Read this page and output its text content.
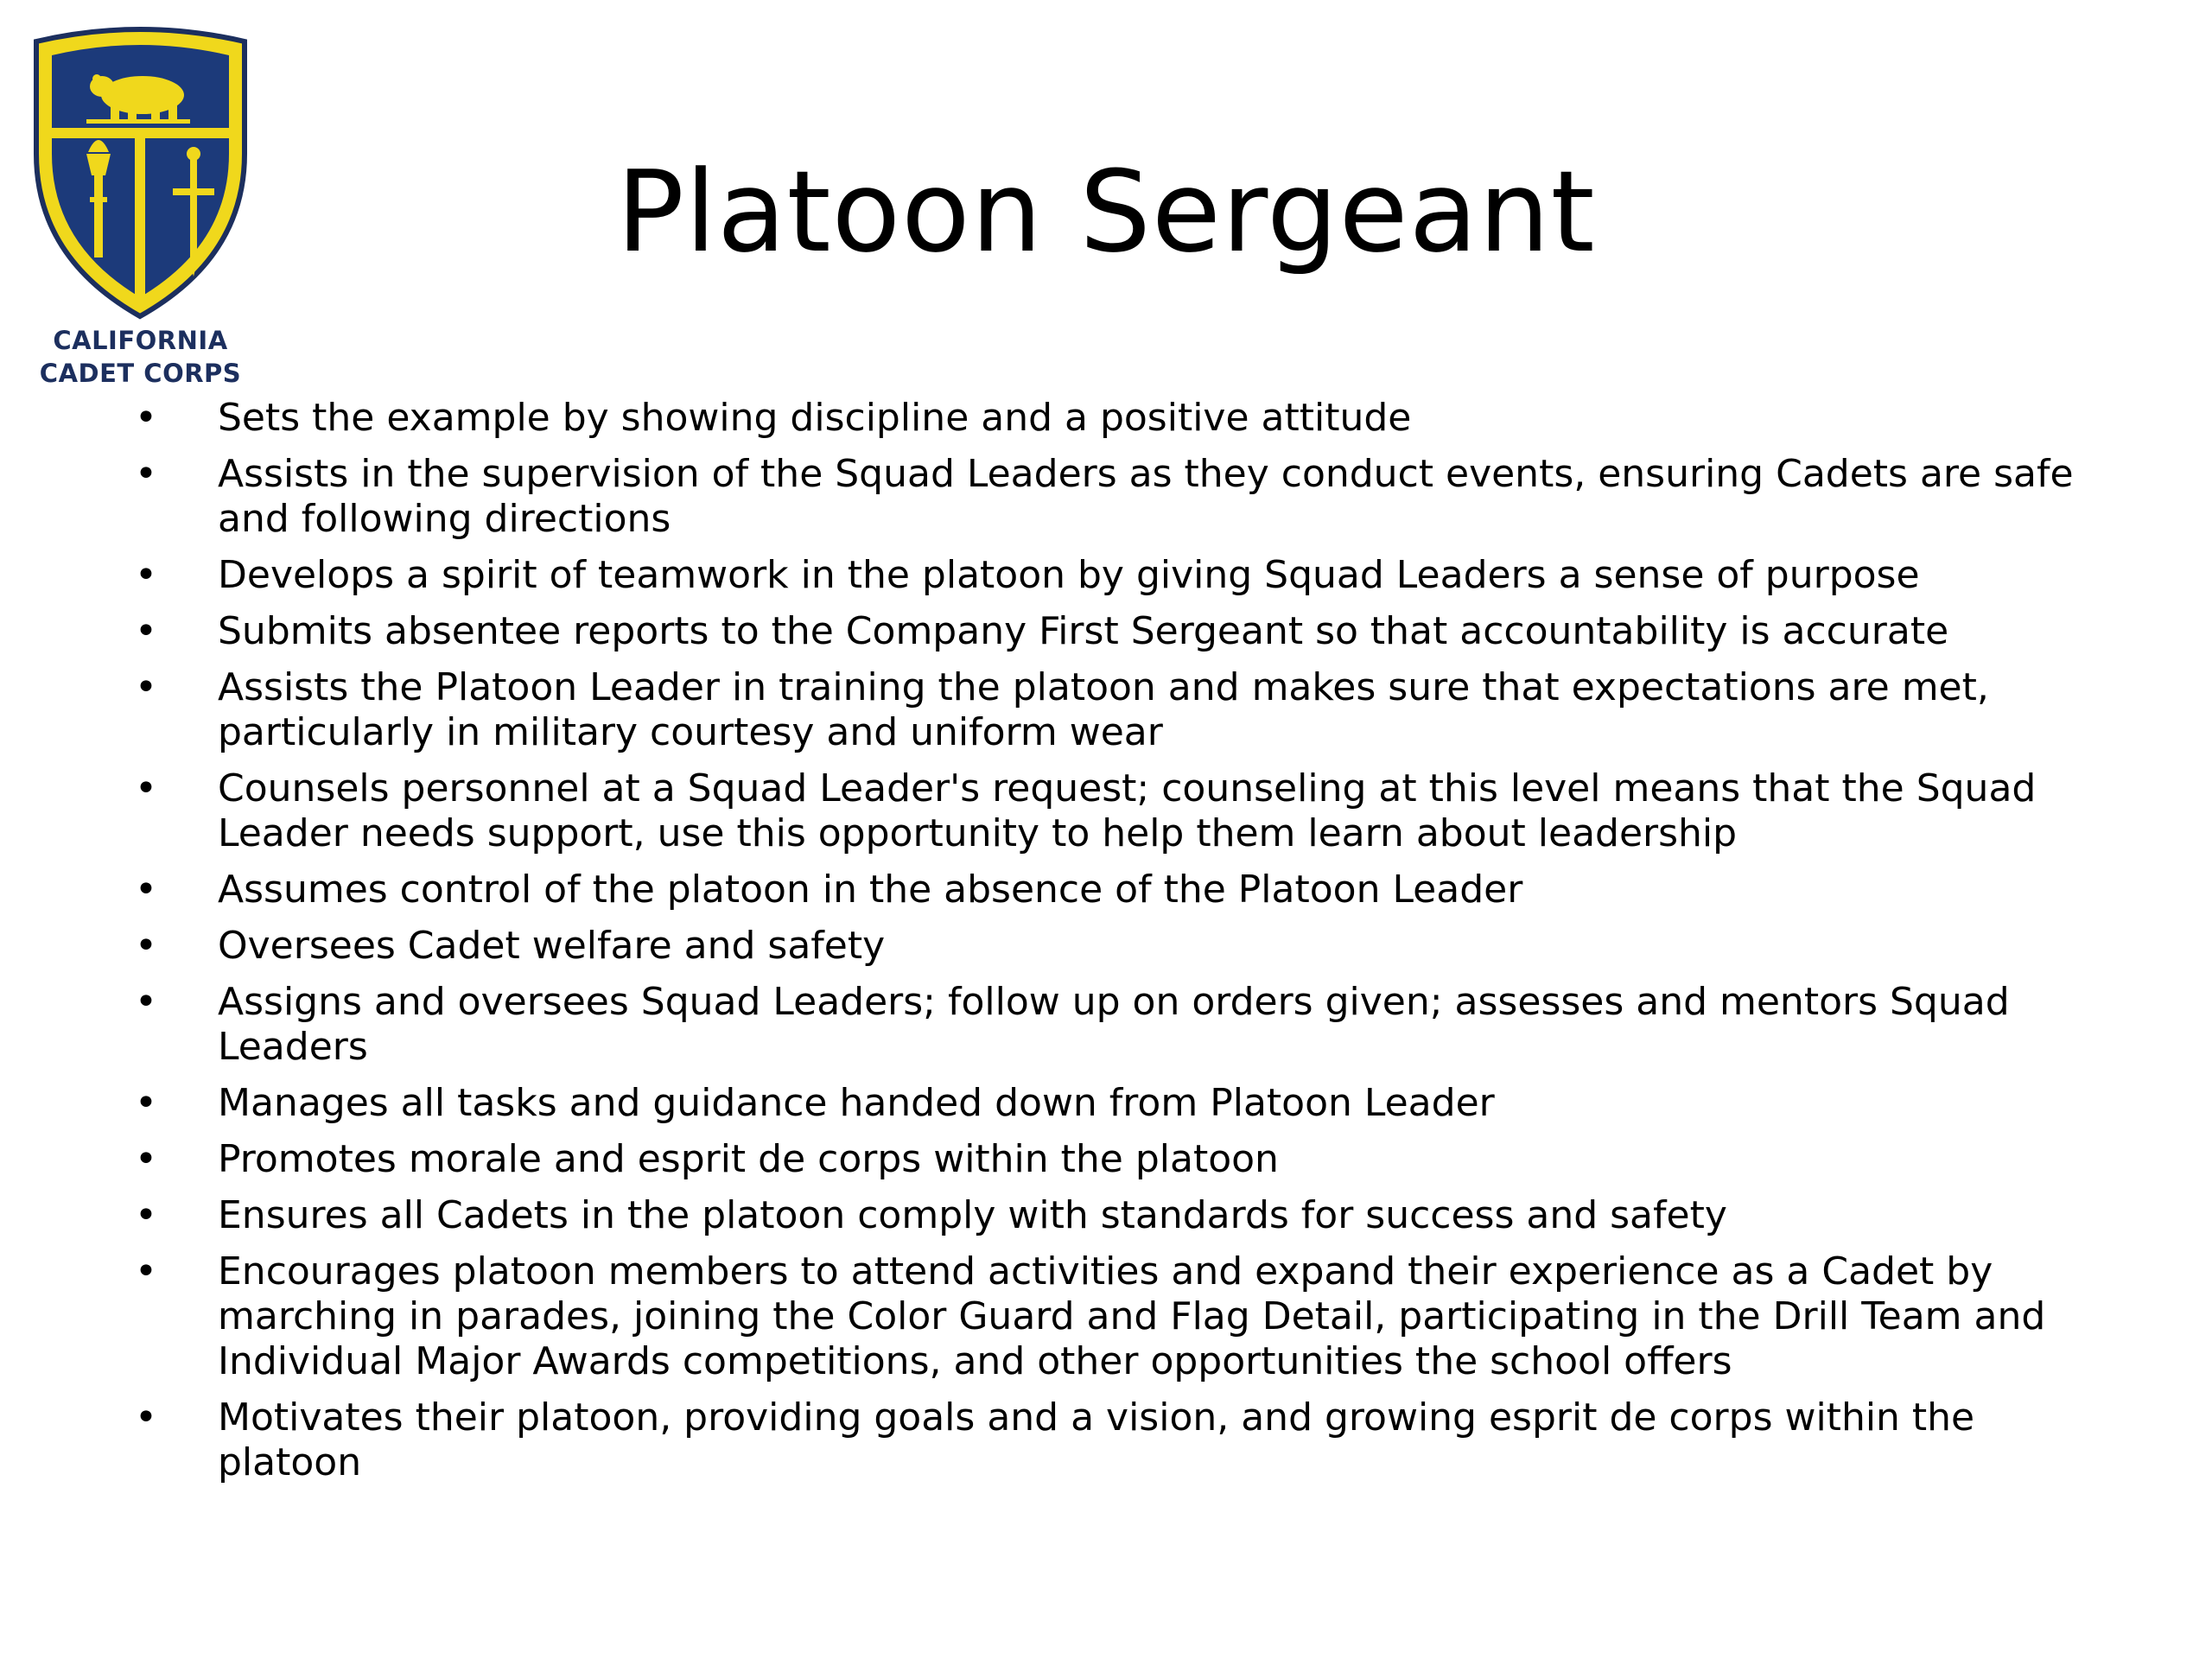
CALIFORNIA
CADET CORPS
Platoon Sergeant
•	Sets the example by showing discipline and a positive attitude
•	Assists in the supervision of the Squad Leaders as they conduct events, ensuring Cadets are safe and following directions
•	Develops a spirit of teamwork in the platoon by giving Squad Leaders a sense of purpose
•	Submits absentee reports to the Company First Sergeant so that accountability is accurate
•	Assists the Platoon Leader in training the platoon and makes sure that expectations are met, particularly in military courtesy and uniform wear
•	Counsels personnel at a Squad Leader's request; counseling at this level means that the Squad Leader needs support, use this opportunity to help them learn about leadership
•	Assumes control of the platoon in the absence of the Platoon Leader
•	Oversees Cadet welfare and safety
•	Assigns and oversees Squad Leaders; follow up on orders given; assesses and mentors Squad Leaders
•	Manages all tasks and guidance handed down from Platoon Leader
•	Promotes morale and esprit de corps within the platoon
•	Ensures all Cadets in the platoon comply with standards for success and safety
•	Encourages platoon members to attend activities and expand their experience as a Cadet by marching in parades, joining the Color Guard and Flag Detail, participating in the Drill Team and Individual Major Awards competitions, and other opportunities the school offers
•	Motivates their platoon, providing goals and a vision, and growing esprit de corps within the platoon
